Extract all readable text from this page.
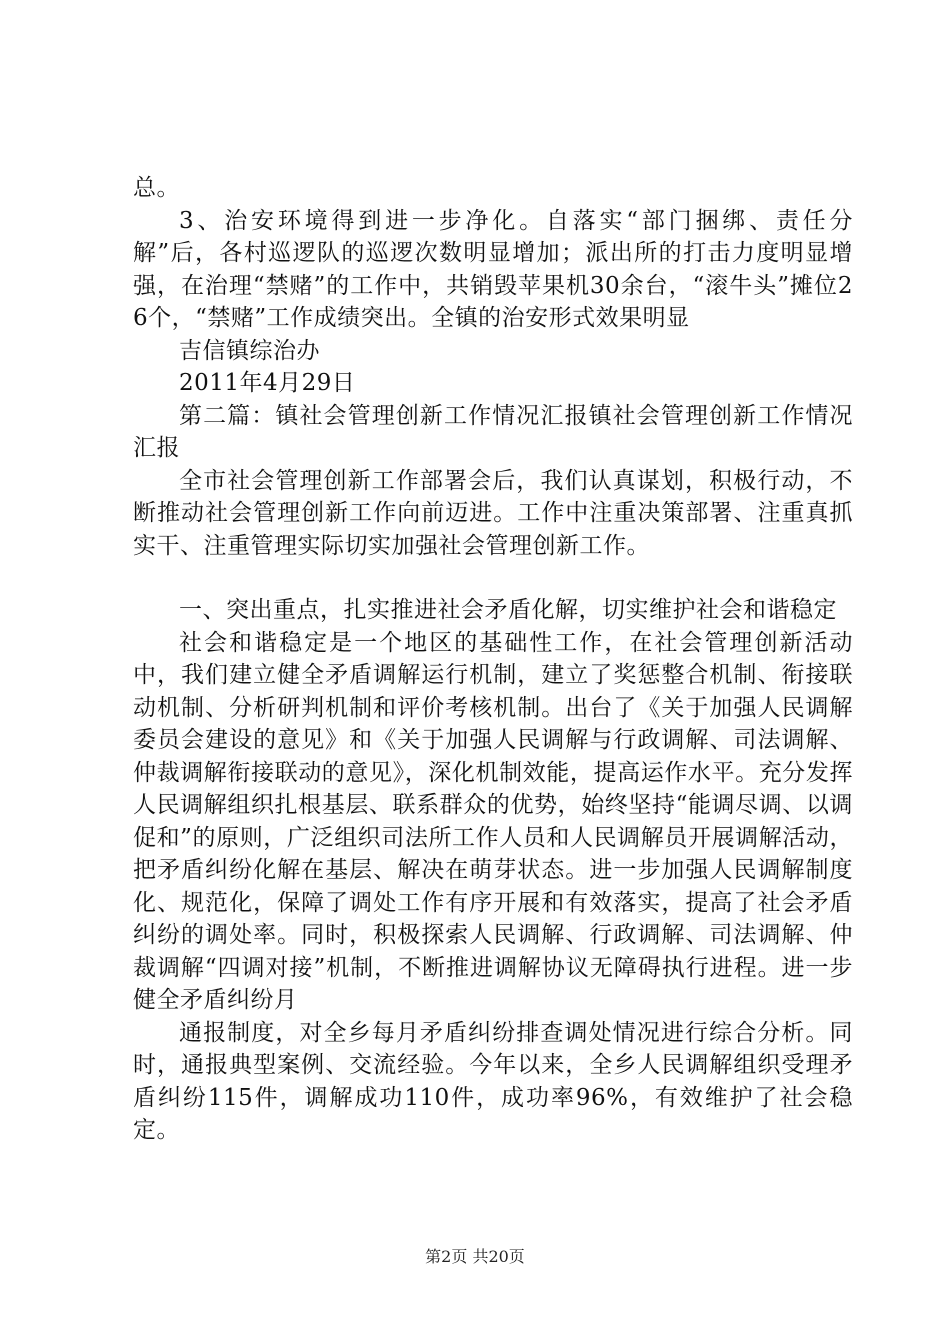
总。

3、治安环境得到进一步净化。自落实“部门捆绑、责任分解”后，各村巡逻队的巡逻次数明显增加；派出所的打击力度明显增强，在治理“禁赌”的工作中，共销毁苹果机30余台，“滚牛头”摊位26个，“禁赌”工作成绩突出。全镇的治安形式效果明显

吉信镇综治办

2011年4月29日

第二篇：镇社会管理创新工作情况汇报镇社会管理创新工作情况汇报

全市社会管理创新工作部署会后，我们认真谋划，积极行动，不断推动社会管理创新工作向前迈进。工作中注重决策部署、注重真抓实干、注重管理实际切实加强社会管理创新工作。

一、突出重点，扎实推进社会矛盾化解，切实维护社会和谐稳定

社会和谐稳定是一个地区的基础性工作，在社会管理创新活动中，我们建立健全矛盾调解运行机制，建立了奖惩整合机制、衔接联动机制、分析研判机制和评价考核机制。出台了《关于加强人民调解委员会建设的意见》和《关于加强人民调解与行政调解、司法调解、仲裁调解衔接联动的意见》，深化机制效能，提高运作水平。充分发挥人民调解组织扎根基层、联系群众的优势，始终坚持“能调尽调、以调促和”的原则，广泛组织司法所工作人员和人民调解员开展调解活动，把矛盾纠纷化解在基层、解决在萌芽状态。进一步加强人民调解制度化、规范化，保障了调处工作有序开展和有效落实，提高了社会矛盾纠纷的调处率。同时，积极探索人民调解、行政调解、司法调解、仲裁调解“四调对接”机制，不断推进调解协议无障碍执行进程。进一步健全矛盾纠纷月

通报制度，对全乡每月矛盾纠纷排查调处情况进行综合分析。同时，通报典型案例、交流经验。今年以来，全乡人民调解组织受理矛盾纠纷115件，调解成功110件，成功率96%，有效维护了社会稳定。

第2页 共20页
